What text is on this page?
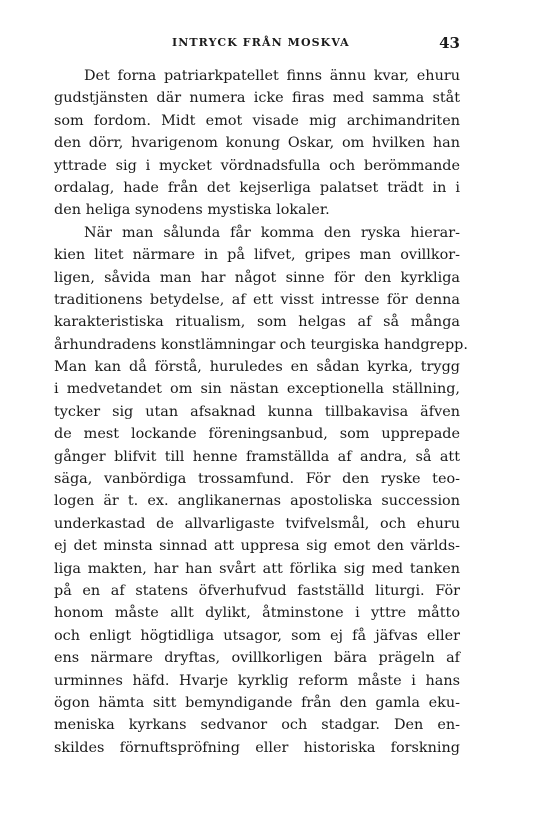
INTRYCK FRÅN MOSKVA	43

Det forna patriarkpatellet finns ännu kvar, ehuru
gudstjänsten där numera icke firas med samma ståt
som fordom. Midt emot visade mig archimandriten
den dörr, hvarigenom konung Oskar, om hvilken han
yttrade sig i mycket vördnadsfulla och berömmande
ordalag, hade från det kejserliga palatset trädt in i
den heliga synodens mystiska lokaler.

När man sålunda får komma den ryska hierar-
kien litet närmare in på lifvet, gripes man ovillkor-
ligen, såvida man har något sinne för den kyrkliga
traditionens betydelse, af ett visst intresse för denna
karakteristiska ritualism, som helgas af så många
århundradens konstlämningar och teurgiska handgrepp.
Man kan då förstå, huruledes en sådan kyrka, trygg
i medvetandet om sin nästan exceptionella ställning,
tycker sig utan afsaknad kunna tillbakavisa äfven
de mest lockande föreningsanbud, som upprepade
gånger blifvit till henne framställda af andra, så att
säga, vanbördiga trossamfund. För den ryske teo-
logen är t. ex. anglikanernas apostoliska succession
underkastad de allvarligaste tvifvelsmål, och ehuru
ej det minsta sinnad att uppresa sig emot den världs-
liga makten, har han svårt att förlika sig med tanken
på en af statens öfverhufvud fastställd liturgi. För
honom måste allt dylikt, åtminstone i yttre måtto
och enligt högtidliga utsagor, som ej få jäfvas eller
ens närmare dryftas, ovillkorligen bära prägeln af
urminnes häfd. Hvarje kyrklig reform måste i hans
ögon hämta sitt bemyndigande från den gamla eku-
meniska kyrkans sedvanor och stadgar. Den en-
skildes förnuftspröfning eller historiska forskning
